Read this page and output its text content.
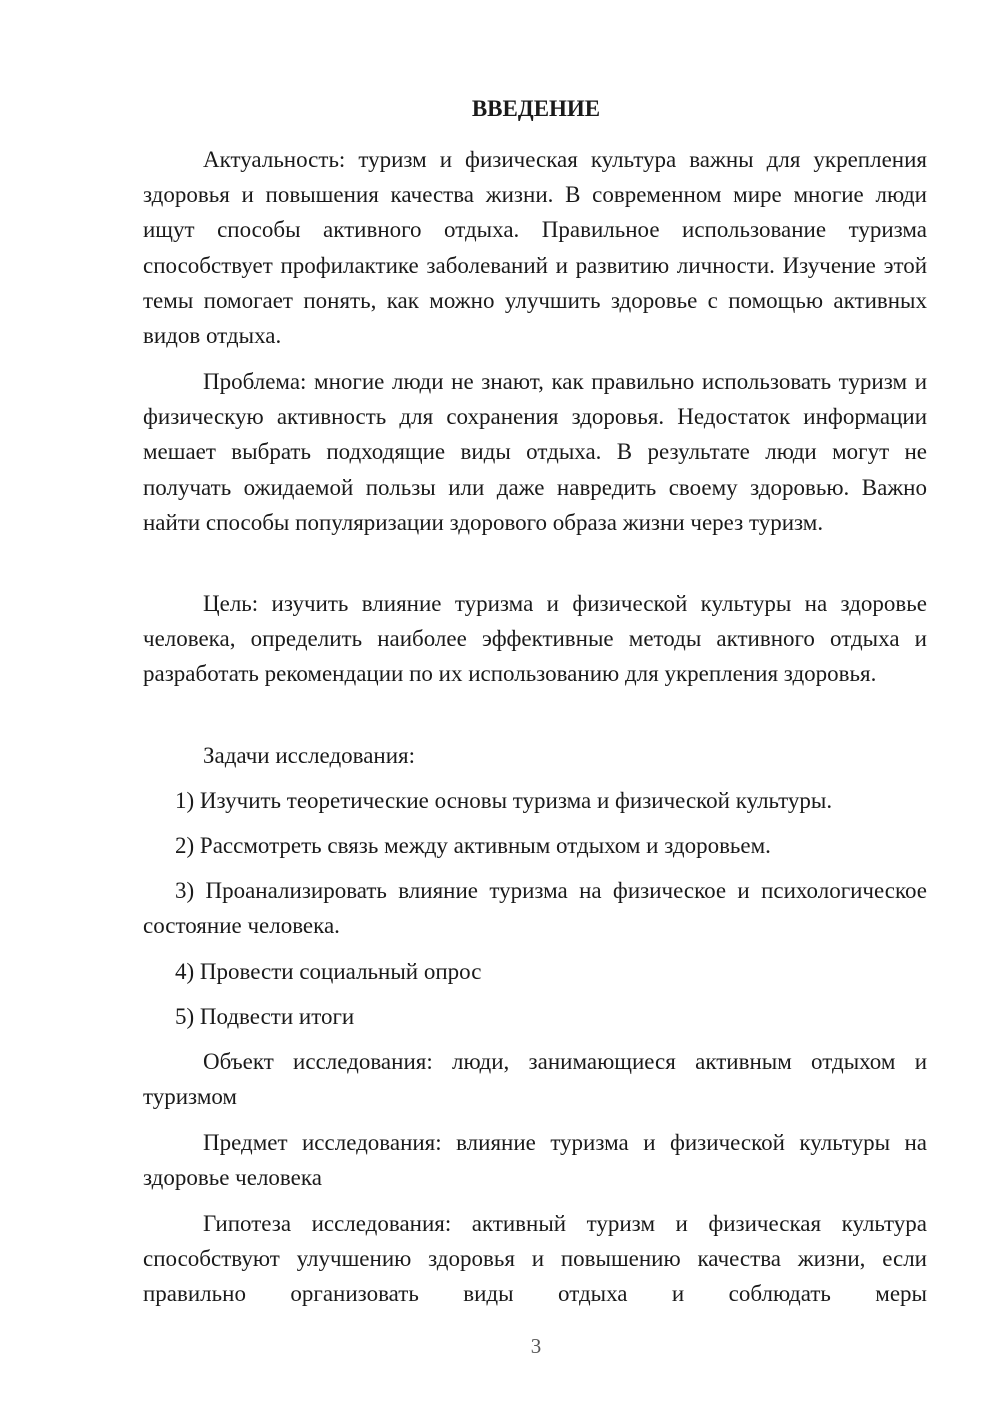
ВВЕДЕНИЕ

Актуальность: туризм и физическая культура важны для укрепления здоровья и повышения качества жизни. В современном мире многие люди ищут способы активного отдыха. Правильное использование туризма способствует профилактике заболеваний и развитию личности. Изучение этой темы помогает понять, как можно улучшить здоровье с помощью активных видов отдыха.

Проблема: многие люди не знают, как правильно использовать туризм и физическую активность для сохранения здоровья. Недостаток информации мешает выбрать подходящие виды отдыха. В результате люди могут не получать ожидаемой пользы или даже навредить своему здоровью. Важно найти способы популяризации здорового образа жизни через туризм.

Цель: изучить влияние туризма и физической культуры на здоровье человека, определить наиболее эффективные методы активного отдыха и разработать рекомендации по их использованию для укрепления здоровья.

Задачи исследования:

1) Изучить теоретические основы туризма и физической культуры.

2) Рассмотреть связь между активным отдыхом и здоровьем.

3) Проанализировать влияние туризма на физическое и психологическое состояние человека.

4) Провести социальный опрос

5) Подвести итоги

Объект исследования: люди, занимающиеся активным отдыхом и туризмом

Предмет исследования: влияние туризма и физической культуры на здоровье человека

Гипотеза исследования: активный туризм и физическая культура способствуют улучшению здоровья и повышению качества жизни, если правильно организовать виды отдыха и соблюдать меры

3
